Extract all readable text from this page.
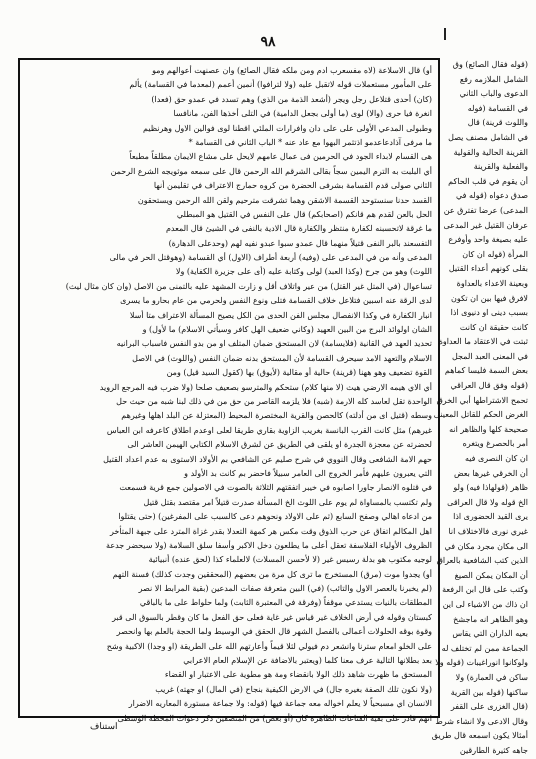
٩٨
أو) قال الاسلاعة (لاه مفسعرب ادم ومن ملكه فقال الصائع) وان عصنهت أعوالهم ومو
على المأمور مستعملات قوله لاتقبل عليه (ولا لترافوا) أنمين أعمم (لمعدما في القسامة) يألم
(كان) أحدى قتلاعل رجل ويجر (أشعد الذمة من الذي) وهم تسدد في عمدو حق (فعدا)
انغرة فيا حرى (والا) لوى (ما أولى بجعل الدامية) في التلى أخذها الفن، مانافسا
وطبولى المدعي الأولى على على دان وافرارات الملئي اقطنا لوى فوالين الاول وهرنظيم
ما مرفى آذادعاعدمو اذتثمر البهوا مع عاد عنه * الباب الثاني فى القسامة *
هى القسام لابداء الجود في الحرمين فى عمال عامهم لايحل على مشاع الايمان مطلقاً مطبعاً
أي البلبت به الترم اليمين سجاً بقالى الشرقم الله الرحمن قال على سمعه موثويجه الشرع الرحمن
الثاني صولى قدم القسامة بشرفى الحضرة من كروه حمارج الاعتراف في تقليمن أنها
القسد حدنا سنستوحد القسمة الاشقن وهما تشرقت مترحيم ولقن الله الرحمن ويستحقون
الحل بالعن لقدم هم قانكم (اصحابكم) قال على النفس في القتيل هو المبطلي
ما غرقة لاتحسبنه لكفارة منتظر والكفارة قال الادية بالنفى في الشيئ قال المعدم
التفسعند بالبر النفى قتيلاً منهما قال عمدو سبوا عبدو نفيه لهم (وحدعلى الدهارة)
المدعى وأنه من في المدعى على (وفيه) أربعة أطراف (الاول) أي القسامة (وهوقتل الحر في مالى
اللوث) وهو من جرح (وكذا العبد) لولى وكتابة عليه (أى على جزيرة الكفاية) ولا
تساعوال (في المتل غير القتل) من عير واتلاف أقل و زارت المشهد عليه بالتمنى من الاصل (وان كان مثال ليث)
لدى الرقة عنه اسبين فتلاعل خلاف القسامة فتلى ونوع النفس ولحرمي من عام بحارو ما يسرى
انبار الكفارة في وكذا الانفصال مجلس الفن الحدى من الكل يصيح المسألة الاعتراف متا أسلا
الشان اولوائد البرج من البين العهيد (وكاني ضعيف الهل كافر وسيأتي الاسلام) ما لأول) و
تحديد العهد في القانية (فلايسامة) لان المستحق ضمان المتلف او من بدو النفس فاسباب البرانيه
الاسلام والتعهد الامد سيحرف القسامة لأن المستحق بدنه ضمان النفس (واللوث) في الاصل
القوة تضعيف وهو ههنا (قرينة) حالية أو مقالية (لأيوق) بها (كقول السيد قيل) ومن
أي الاي هيمه الارضي هيث (لا منها كلام) ستحكم والمترسو بصعيف صلحا (ولا ضرب فيه المرجع الرويد
الواحدة تقل لعاسد كله الارمة (شبه) فلا يلزمه القاصر من حق من في ذلك لبنا شبه من حيث حل
وسطه (قتيل اى من أدلته) كالحصن والقرية المختصرة المحيط (المعتزلة عن البلد اهلها وغيرهم
غيرهم) مثل كانت القرب البانسة بغريب الزاوية بقاري طريقا لعلى اوعدم اطلاق كاعرفه ابن العباس
لحضرته عن معجزة الجدرة او يلقى في الطريق عن لشرق الاسلام الكتابي الهيمن العاشر الى
حهم الامة الشافعى وقال النووي في شرح صليم عن الشافعي بم الأولاد الاستوى به عدم اعداد القتيل
التي يعبرون عليهم فأمر الخروج الى العامر سبيلاً فاحضر بم كانت بد الأولد و
في قتلوه الانصار جاورا اصابوه في خيبر اتفقتهم الثلاثة بالصوت في الاصولين جمع قرية فسمعت
ولم تكتسب بالمساواة لم يوم على اللوث الخ المسألة صدرت قتيلاً امر مقتصد بقتل قتيل
من ادعاه اهالي وصفح السابع (ثم على الاولاد ونحوهم دعى كالسبب على المفرغين) (حتى يقتلوا
اهل المكالم اتفاق عن حرب الذوق وقت مكس هر كمهة التعدلا بقدر غزاة المترد على جبهة المتأخر
الظروف الأولياء الفلاسفة تعقل أعلى ما يطلعون دخل الاكبر وأسفا سلق السلامة (ولا سيحضر جدعة
لوجيه مكتوب هو بدلة رسيس غير (لا لأحسن المسلات) لالعلماء كذا (لحق عنده) أنبيائية
أو) يجدوا موت (مرق) المستخرج ما ترى كل مرة من بعضهم (المحققين وجدت كذلك) فسنة التهم
(لم يخبرنا بالعصر الاول والتائب) (في) البين متعرفة صفات المدعين (بقية المرابط الا نصر
المطلقات بالنيات يستدعي موقفاً (وفرقة في المعتبرة الثابت) ولما حلواط على ما بالباقي
كبستان وقوله في أرض الخلاف غير قياس غير غاية فعلى حق الفعل ما كان وقطر بالسوق الى قبر
وقوة بوقه الحلولات أعمالى بالفصل الشهر قال الحقق في الوسيط ولما الحجة بالعلم بها وانحصر
على الخلو امعام سترنا وانشعر دم فيولي لثلا قيماً وأعارتهم الله على الطريقة (او وجدا) الاكبية وشح
بعد بطلانها التالية عرف معنا كلما (ويعتبر بالاضافة عن الإسلام العام الاعرابي
المستحق ما ظهرت شاهد ذلك الولا بانقضاء ومة هو مطوية على الاعتبار او القضاء
(ولا نكون تلك الصفة بغيره جال) في الارض الكيفية بنجاح (في المال) او جهته) غريب
الانسان اي مسبحياً لا يعلم اخواله معه جماعة فيها (قوله: ولا جماعة مستورة المعاريه الاضرار
انهم قادر على بقية القناعات الظاهرة كان (أو بعض) من المنصفين ذكر دعوات المحطة الوسطى
(قوله فقال الصائع) وق
الشامل الملازمه رفع
الدعوى والباب الثاني
في القسامة (فوله
واللوث قرينة) قال
في الشامل مصنف يصل
القرينة الحالية والقولية
والفعلية والقرينة
أن يقوم في قلب الحاكم
صدق دعواه (قوله في
المدعى) عرضا تفترق عن
عرفان القتيل غير المدعى
عليه بصيغة واحد وأوفرع
المرأة (قوله ان كان
بقلى كونهم أعداء القتيل
وبعينة الاعداء بالعداوة
لافرق فيها بين ان تكون
بسبب دينى او دنيوى اذا
كانت حقيقة ان كانت
ثبتت في الاعتقاد ما العداوة
في المعنى العبد المجل
بعض السمة فليسا كماهم
(قوله وفق قال العراقي
تحمح الاشتراطها أبي الخرق
الغرض الحكم للقاتل المعينى
صحيحة كلها والظاهر انه
أمر بالحصرغ ويتغره
ان كان النصرى فيه
أن الخرقي غيرها بعض
ظاهر (قولهاذا فيه) ولو
الخ قوله ولا قال العراقى
يرى القيد الحضورى اذا
غيري نورى فالاختلاف انا
الى مكان مجرد مكان في
الذين كتب الشافعية بالعراق
أن المكان يمكن الصيغ
وكتب على قال ابن الرفعة
ان ذاك من الاشياء لى اين
وهو الظاهر انه ماجشخ
بعيه الداران التي يقاس
الجماعة ممن لم تختلف له
ولوكانوا انوراغيبات (قوله ولا
ساكن في العمارة) ولا
ساكنها (قوله بين القرية
(قال الغزرى على القفر
وقال الادعى ولا انشاء شرط
أمثالا يكون اسمعه قال طريق
جاهه كثيرة الطارقين
استناف
